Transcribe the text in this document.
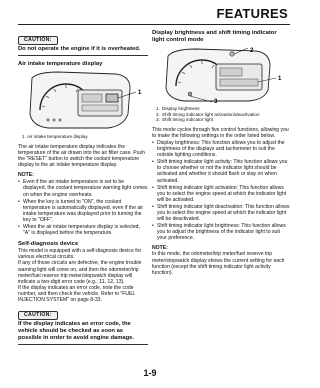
FEATURES
CAUTION:
Do not operate the engine if it is overheated.
Air intake temperature display
1
1. Air intake temperature display

The air intake temperature display indicates the temperature of the air drawn into the air filter case. Push the "RESET" button to switch the coolant temperature display to the air intake temperature display.

NOTE:
• Even if the air intake temperature is set to be displayed, the coolant temperature warning light comes on when the engine overheats.
• When the key is turned to "ON", the coolant temperature is automatically displayed, even if the air intake temperature was displayed prior to turning the key to "OFF".
• When the air intake temperature display is selected, "A" is displayed before the temperature.
Self-diagnosis device

This model is equipped with a self-diagnosis device for various electrical circuits.

If any of those circuits are defective, the engine trouble warning light will come on, and then the odometer/trip meter/fuel reserve trip meter/stopwatch display will indicate a two-digit error code (e.g., 11, 12, 13).

If the display indicates an error code, note the code number, and then check the vehicle. Refer to "FUEL INJECTION SYSTEM" on page 8-33.

CAUTION:
If the display indicates an error code, the vehicle should be checked as soon as possible in order to avoid engine damage.
Display brightness and shift timing indicator light control mode
2
1
3
1. Display brightness
2. Shift timing indicator light activation/deactivation
3. Shift timing indicator light

This mode cycles through five control functions, allowing you to make the following settings in the order listed below.

• Display brightness: This function allows you to adjust the brightness of the displays and tachometer to suit the outside lighting conditions.
• Shift timing indicator light activity: This function allows you to choose whether or not the indicator light should be activated and whether it should flash or stay on when activated.
• Shift timing indicator light activation: This function allows you to select the engine speed at which the indicator light will be activated.
• Shift timing indicator light deactivation: This function allows you to select the engine speed at which the indicator light will be deactivated.
• Shift timing indicator light brightness: This function allows you to adjust the brightness of the indicator light to suit your preference.
NOTE:

In this mode, the odometer/trip meter/fuel reserve trip meter/stopwatch display shows the current setting for each function (except the shift timing indicator light activity function).

1-9
